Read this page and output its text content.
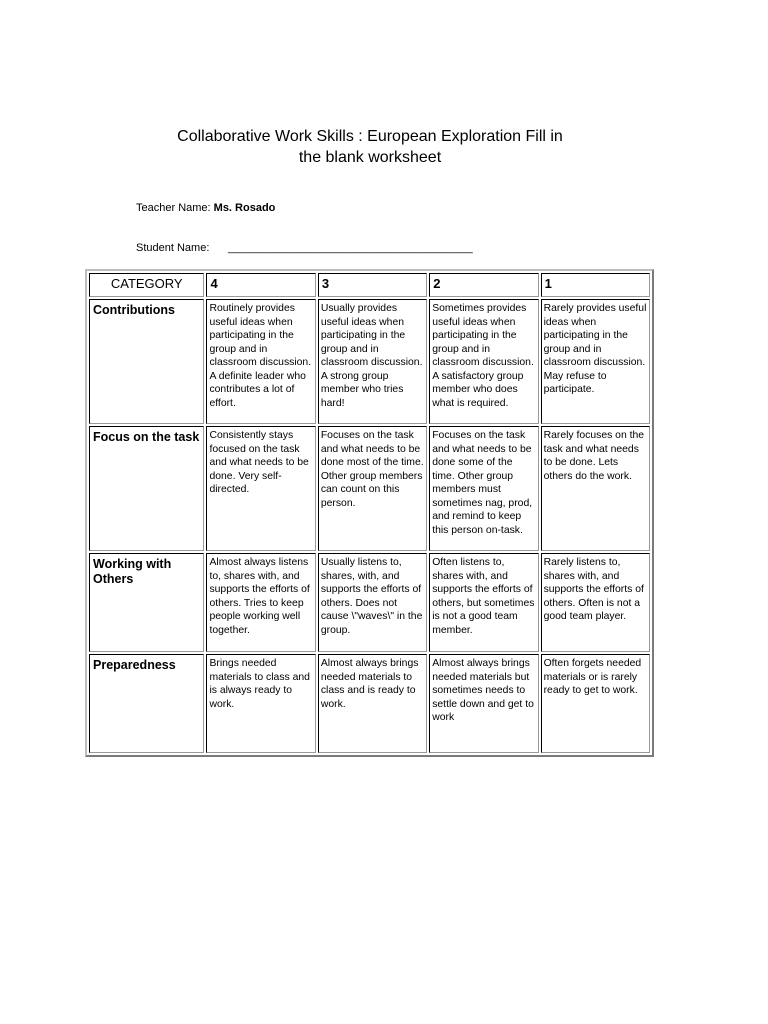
Collaborative Work Skills : European Exploration Fill in
the blank worksheet
Teacher Name: Ms. Rosado
Student Name: ________________________________________
CATEGORY	4	3	2	1
Contributions	Routinely provides useful ideas when participating in the group and in classroom discussion. A definite leader who contributes a lot of effort.	Usually provides useful ideas when participating in the group and in classroom discussion. A strong group member who tries hard!	Sometimes provides useful ideas when participating in the group and in classroom discussion. A satisfactory group member who does what is required.	Rarely provides useful ideas when participating in the group and in classroom discussion. May refuse to participate.
Focus on the task	Consistently stays focused on the task and what needs to be done. Very self-directed.	Focuses on the task and what needs to be done most of the time. Other group members can count on this person.	Focuses on the task and what needs to be done some of the time. Other group members must sometimes nag, prod, and remind to keep this person on-task.	Rarely focuses on the task and what needs to be done. Lets others do the work.
Working with Others	Almost always listens to, shares with, and supports the efforts of others. Tries to keep people working well together.	Usually listens to, shares, with, and supports the efforts of others. Does not cause \"waves\" in the group.	Often listens to, shares with, and supports the efforts of others, but sometimes is not a good team member.	Rarely listens to, shares with, and supports the efforts of others. Often is not a good team player.
Preparedness	Brings needed materials to class and is always ready to work.	Almost always brings needed materials to class and is ready to work.	Almost always brings needed materials but sometimes needs to settle down and get to work	Often forgets needed materials or is rarely ready to get to work.
